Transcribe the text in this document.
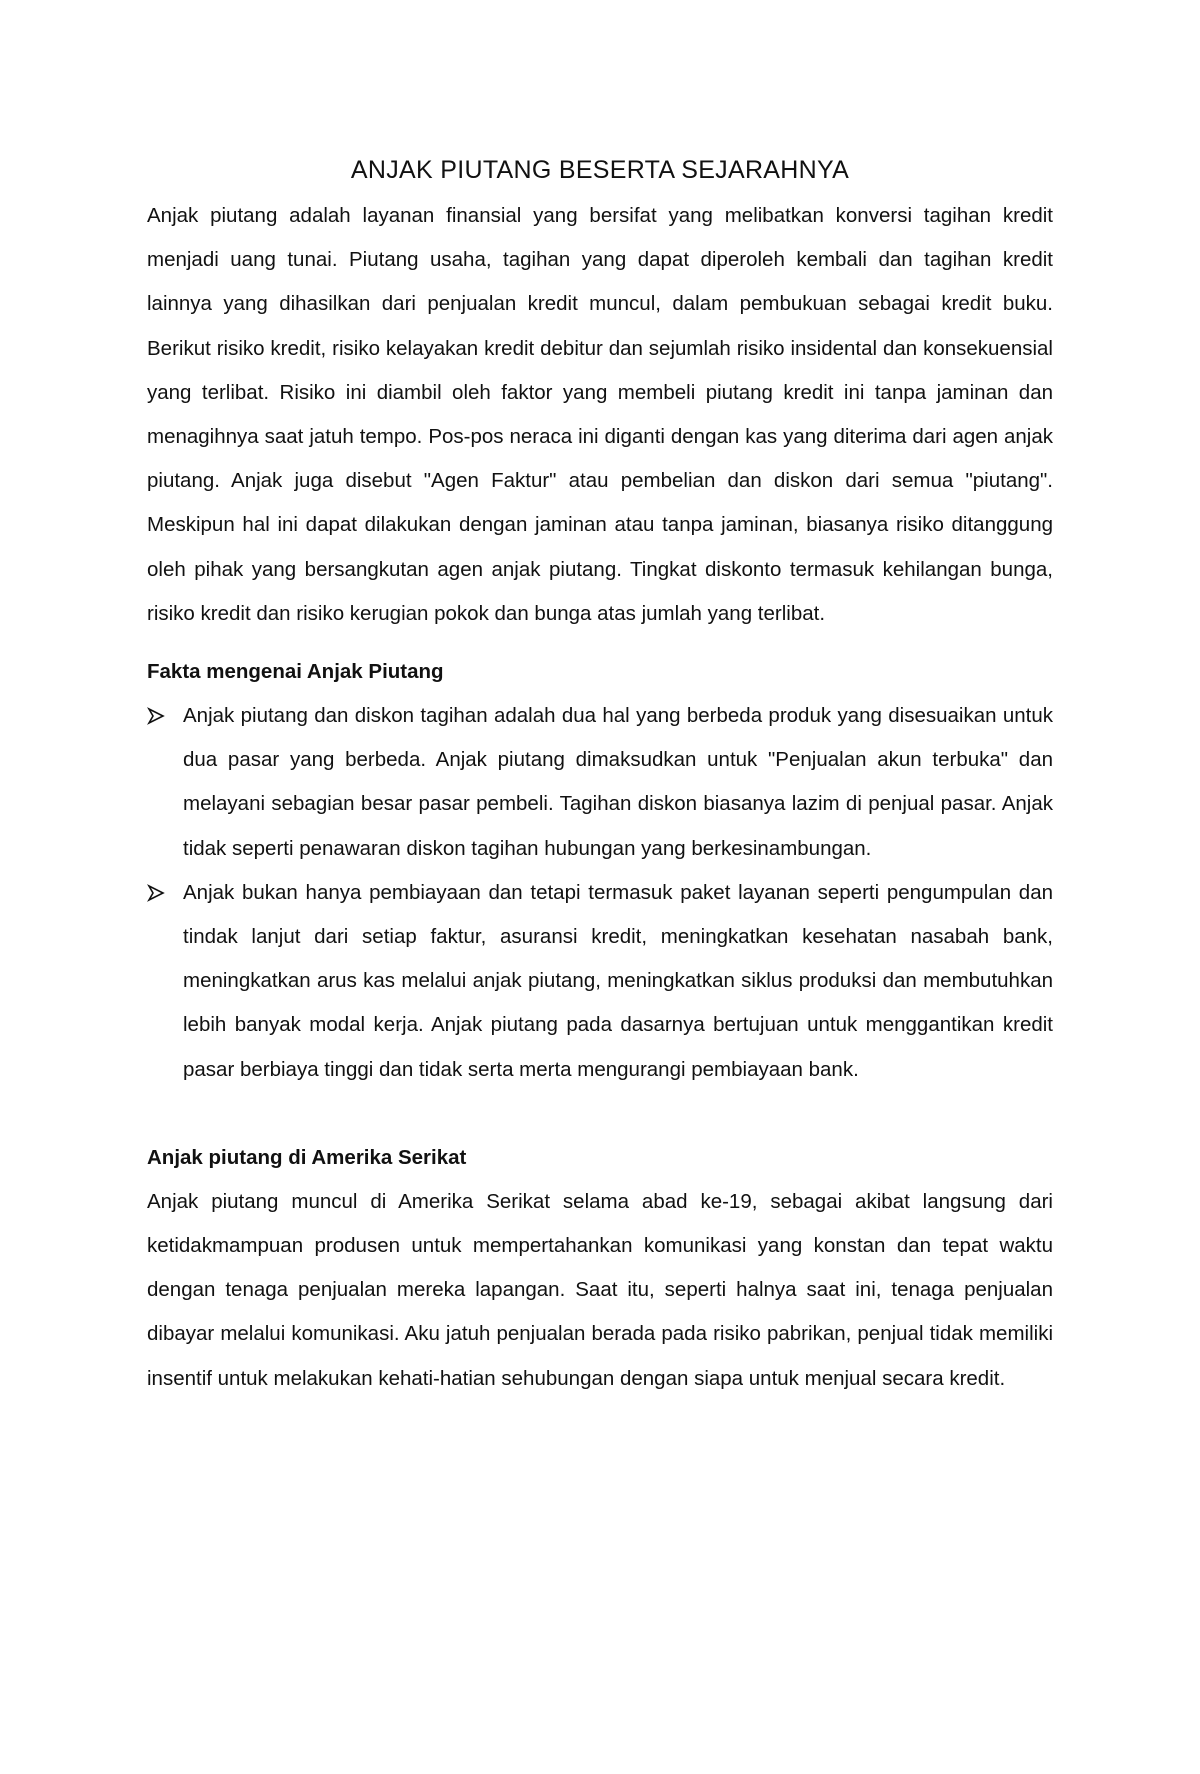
ANJAK PIUTANG BESERTA SEJARAHNYA

Anjak piutang adalah layanan finansial yang bersifat yang melibatkan konversi tagihan kredit menjadi uang tunai. Piutang usaha, tagihan yang dapat diperoleh kembali dan tagihan kredit lainnya yang dihasilkan dari penjualan kredit muncul, dalam pembukuan sebagai kredit buku. Berikut risiko kredit, risiko kelayakan kredit debitur dan sejumlah risiko insidental dan konsekuensial yang terlibat. Risiko ini diambil oleh faktor yang membeli piutang kredit ini tanpa jaminan dan menagihnya saat jatuh tempo. Pos-pos neraca ini diganti dengan kas yang diterima dari agen anjak piutang. Anjak juga disebut "Agen Faktur" atau pembelian dan diskon dari semua "piutang". Meskipun hal ini dapat dilakukan dengan jaminan atau tanpa jaminan, biasanya risiko ditanggung oleh pihak yang bersangkutan agen anjak piutang. Tingkat diskonto termasuk kehilangan bunga, risiko kredit dan risiko kerugian pokok dan bunga atas jumlah yang terlibat.

Fakta mengenai Anjak Piutang
Anjak piutang dan diskon tagihan adalah dua hal yang berbeda produk yang disesuaikan untuk dua pasar yang berbeda. Anjak piutang dimaksudkan untuk "Penjualan akun terbuka" dan melayani sebagian besar pasar pembeli. Tagihan diskon biasanya lazim di penjual pasar. Anjak tidak seperti penawaran diskon tagihan hubungan yang berkesinambungan.
Anjak bukan hanya pembiayaan dan tetapi termasuk paket layanan seperti pengumpulan dan tindak lanjut dari setiap faktur, asuransi kredit, meningkatkan kesehatan nasabah bank, meningkatkan arus kas melalui anjak piutang, meningkatkan siklus produksi dan membutuhkan lebih banyak modal kerja. Anjak piutang pada dasarnya bertujuan untuk menggantikan kredit pasar berbiaya tinggi dan tidak serta merta mengurangi pembiayaan bank.
Anjak piutang di Amerika Serikat

Anjak piutang muncul di Amerika Serikat selama abad ke-19, sebagai akibat langsung dari ketidakmampuan produsen untuk mempertahankan komunikasi yang konstan dan tepat waktu dengan tenaga penjualan mereka lapangan. Saat itu, seperti halnya saat ini, tenaga penjualan dibayar melalui komunikasi. Aku jatuh penjualan berada pada risiko pabrikan, penjual tidak memiliki insentif untuk melakukan kehati-hatian sehubungan dengan siapa untuk menjual secara kredit.
